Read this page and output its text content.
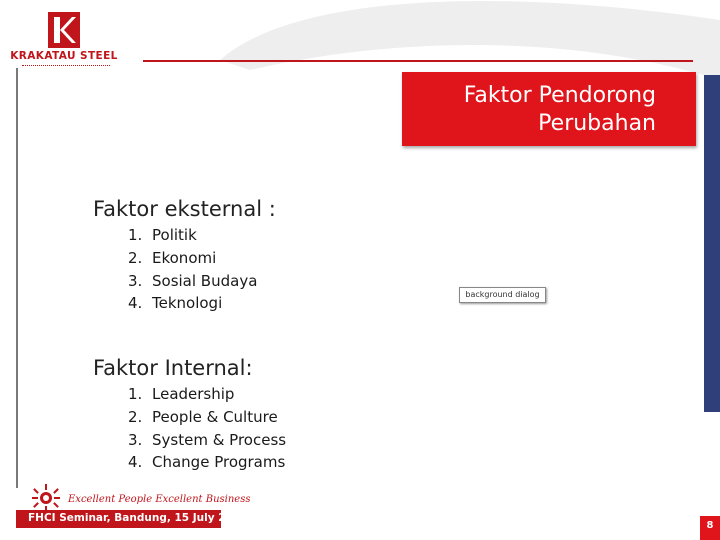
KRAKATAU STEEL
Faktor Pendorong
Perubahan
Faktor eksternal :
1. Politik
2. Ekonomi
3. Sosial Budaya
4. Teknologi
Faktor Internal:
1. Leadership
2. People & Culture
3. System & Process
4. Change Programs
background dialog
Excellent People Excellent Business
FHCI Seminar, Bandung, 15 July 2011
8
